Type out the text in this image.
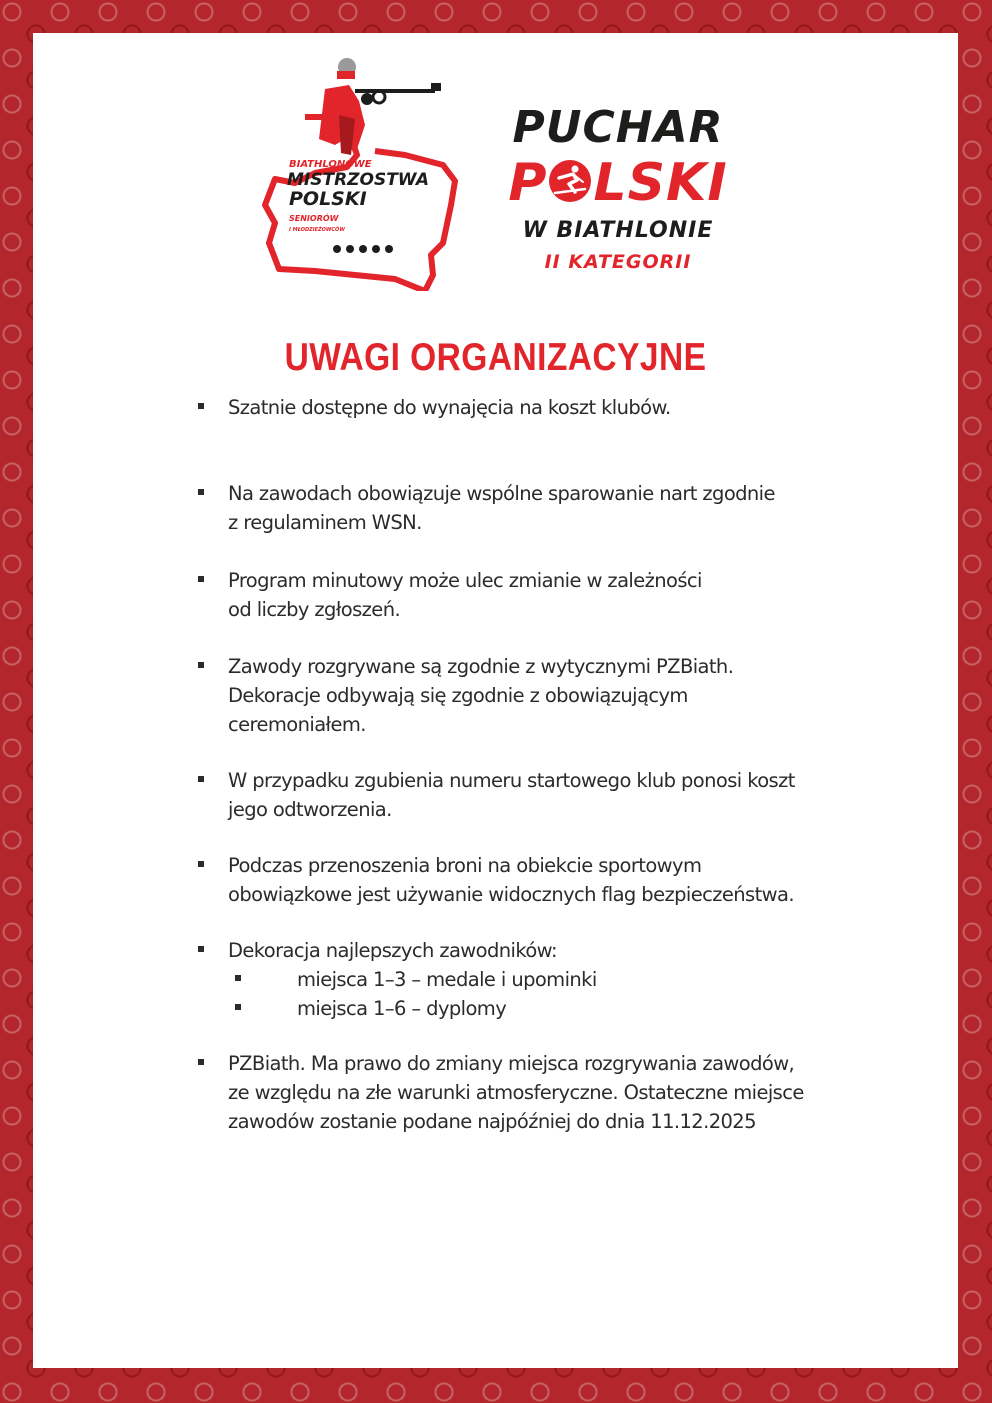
BIATHLONOWE
MISTRZOSTWA
POLSKI
SENIORÓW
I MŁODZIEŻOWCÓW
PUCHAR
P LSKI
W BIATHLONIE
II KATEGORII
UWAGI ORGANIZACYJNE
Szatnie dostępne do wynajęcia na koszt klubów.
Na zawodach obowiązuje wspólne sparowanie nart zgodnie
z regulaminem WSN.
Program minutowy może ulec zmianie w zależności
od liczby zgłoszeń.
Zawody rozgrywane są zgodnie z wytycznymi PZBiath.
Dekoracje odbywają się zgodnie z obowiązującym
ceremoniałem.
W przypadku zgubienia numeru startowego klub ponosi koszt
jego odtworzenia.
Podczas przenoszenia broni na obiekcie sportowym
obowiązkowe jest używanie widocznych flag bezpieczeństwa.
Dekoracja najlepszych zawodników:
miejsca 1–3 – medale i upominki
miejsca 1–6 – dyplomy
PZBiath. Ma prawo do zmiany miejsca rozgrywania zawodów,
ze względu na złe warunki atmosferyczne. Ostateczne miejsce
zawodów zostanie podane najpóźniej do dnia 11.12.2025
